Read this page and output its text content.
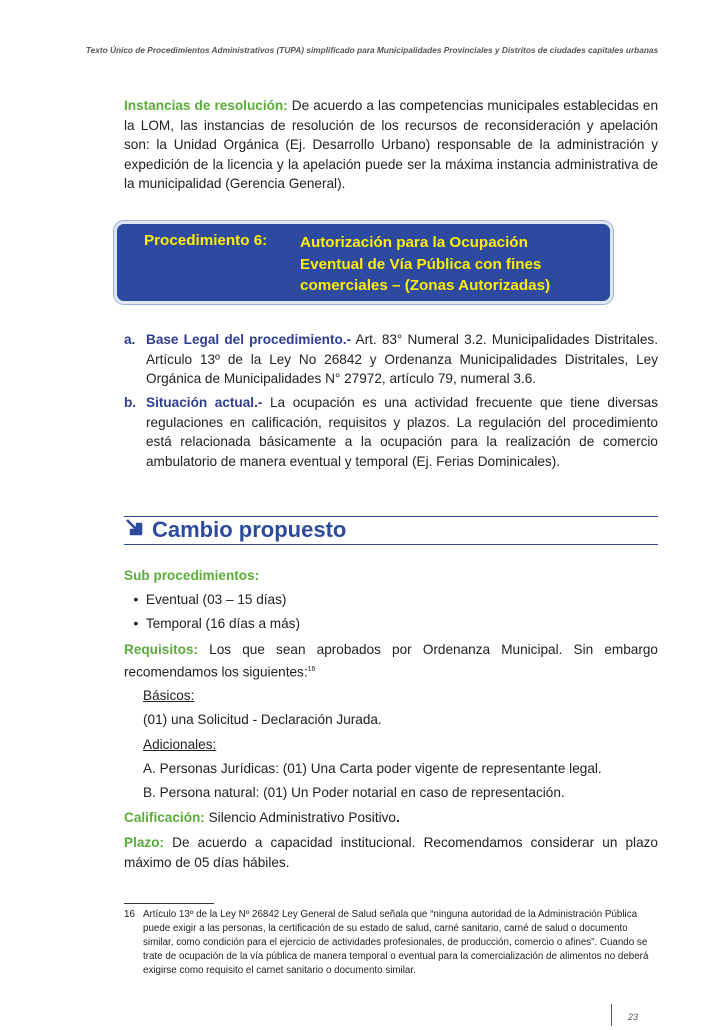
Texto Único de Procedimientos Administrativos (TUPA) simplificado para Municipalidades Provinciales y Distritos de ciudades capitales urbanas
Instancias de resolución: De acuerdo a las competencias municipales establecidas en la LOM, las instancias de resolución de los recursos de reconsideración y apelación son: la Unidad Orgánica (Ej. Desarrollo Urbano) responsable de la administración y expedición de la licencia y la apelación puede ser la máxima instancia administrativa de la municipalidad (Gerencia General).
Procedimiento 6: Autorización para la Ocupación
Eventual de Vía Pública con fines
comerciales – (Zonas Autorizadas)
a. Base Legal del procedimiento.- Art. 83° Numeral 3.2. Municipalidades Distritales. Artículo 13º de la Ley No 26842 y Ordenanza Municipalidades Distritales, Ley Orgánica de Municipalidades N° 27972, artículo 79, numeral 3.6.
b. Situación actual.- La ocupación es una actividad frecuente que tiene diversas regulaciones en calificación, requisitos y plazos. La regulación del procedimiento está relacionada básicamente a la ocupación para la realización de comercio ambulatorio de manera eventual y temporal (Ej. Ferias Dominicales).
Cambio propuesto
Sub procedimientos:
•  Eventual (03 – 15 días)
•  Temporal (16 días a más)
Requisitos: Los que sean aprobados por Ordenanza Municipal. Sin embargo recomendamos los siguientes:$^{16}$
Básicos:
(01) una Solicitud - Declaración Jurada.
Adicionales:
A. Personas Jurídicas: (01) Una Carta poder vigente de representante legal.
B. Persona natural: (01) Un Poder notarial en caso de representación.
Calificación: Silencio Administrativo Positivo.
Plazo: De acuerdo a capacidad institucional. Recomendamos considerar un plazo máximo de 05 días hábiles.
16 Artículo 13º de la Ley Nº 26842 Ley General de Salud señala que “ninguna autoridad de la Administración Pública puede exigir a las personas, la certificación de su estado de salud, carné sanitario, carné de salud o documento similar, como condición para el ejercicio de actividades profesionales, de producción, comercio o afines”. Cuando se trate de ocupación de la vía pública de manera temporal o eventual para la comercialización de alimentos no deberá exigirse como requisito el carnet sanitario o documento similar.
23
